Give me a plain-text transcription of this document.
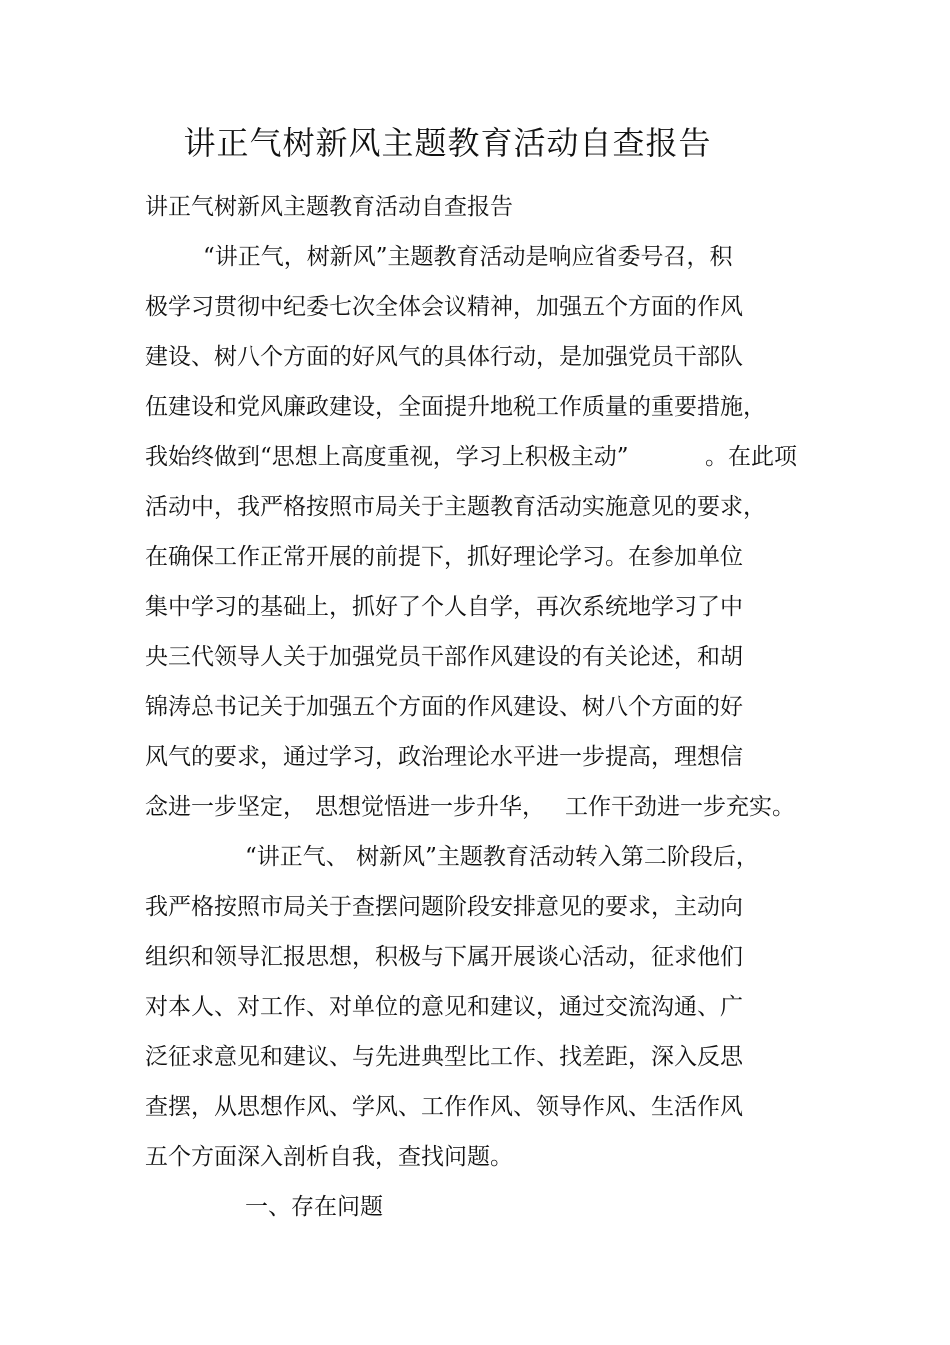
讲正气树新风主题教育活动自查报告
讲正气树新风主题教育活动自查报告
“讲正气，树新风”主题教育活动是响应省委号召，积
极学习贯彻中纪委七次全体会议精神，加强五个方面的作风
建设、树八个方面的好风气的具体行动，是加强党员干部队
伍建设和党风廉政建设，全面提升地税工作质量的重要措施，
我始终做到“思想上高度重视，学习上积极主动”	。在此项
活动中，我严格按照市局关于主题教育活动实施意见的要求，
在确保工作正常开展的前提下，抓好理论学习。在参加单位
集中学习的基础上，抓好了个人自学，再次系统地学习了中
央三代领导人关于加强党员干部作风建设的有关论述，和胡
锦涛总书记关于加强五个方面的作风建设、树八个方面的好
风气的要求，通过学习，政治理论水平进一步提高，理想信
念进一步坚定， 思想觉悟进一步升华， 工作干劲进一步充实。
“讲正气、 树新风”主题教育活动转入第二阶段后，
我严格按照市局关于查摆问题阶段安排意见的要求，主动向
组织和领导汇报思想，积极与下属开展谈心活动，征求他们
对本人、对工作、对单位的意见和建议，通过交流沟通、广
泛征求意见和建议、与先进典型比工作、找差距，深入反思
查摆，从思想作风、学风、工作作风、领导作风、生活作风
五个方面深入剖析自我，查找问题。
一、存在问题
